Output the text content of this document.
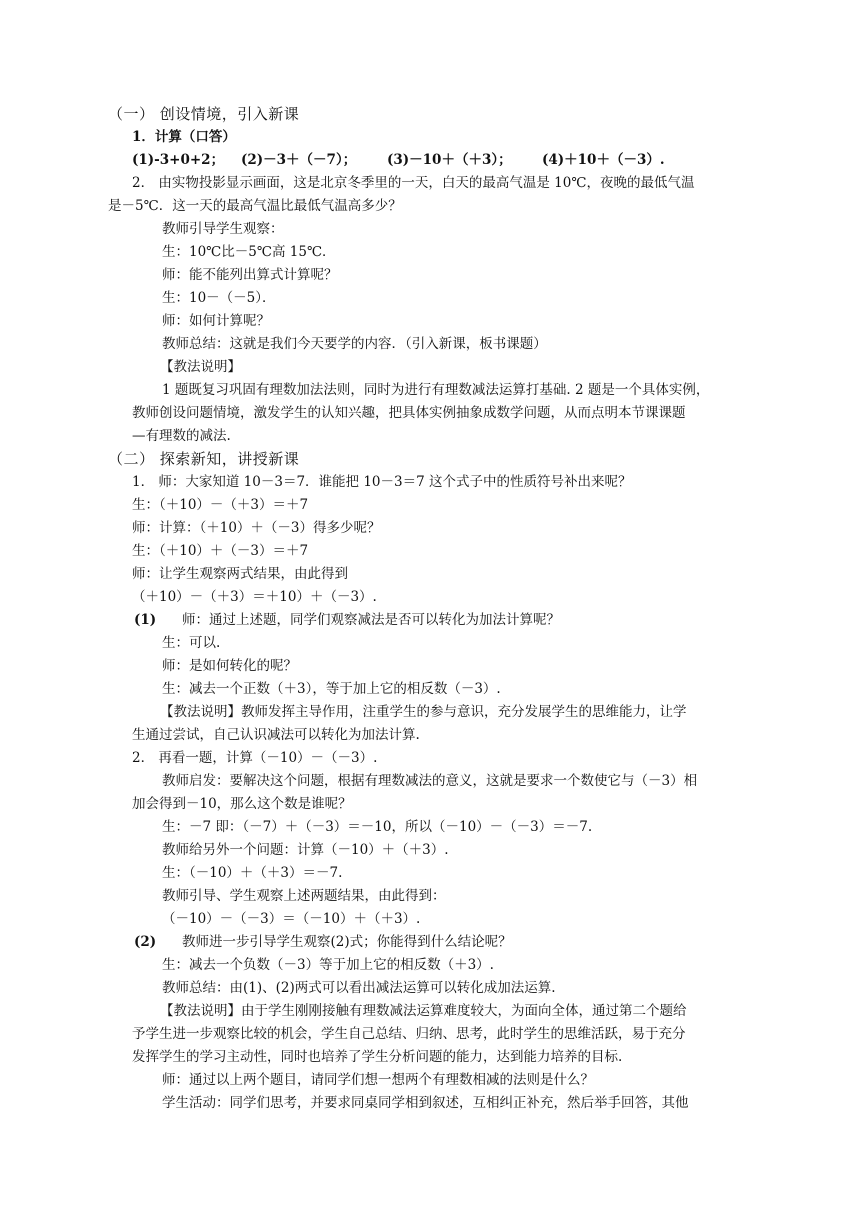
（一） 创设情境，引入新课
1．计算（口答）
(1)-3+0+2； (2)－3＋（－7）； (3)－10＋（＋3）； (4)＋10＋（－3）.
2． 由实物投影显示画面，这是北京冬季里的一天，白天的最高气温是 10℃，夜晚的最低气温
是－5℃．这一天的最高气温比最低气温高多少？
教师引导学生观察：
生：10℃比－5℃高 15℃．
师：能不能列出算式计算呢？
生：10－（－5）．
师：如何计算呢？
教师总结：这就是我们今天要学的内容．（引入新课，板书课题）
【教法说明】
1 题既复习巩固有理数加法法则，同时为进行有理数减法运算打基础. 2 题是一个具体实例，
教师创设问题情境，激发学生的认知兴趣，把具体实例抽象成数学问题，从而点明本节课课题
—有理数的减法.
（二） 探索新知，讲授新课
1． 师：大家知道 10－3＝7．谁能把 10－3＝7 这个式子中的性质符号补出来呢？
生：（＋10）－（＋3）＝＋7
师：计算：（＋10）＋（－3）得多少呢？
生：（＋10）＋（－3）＝＋7
师：让学生观察两式结果，由此得到
（＋10）－（＋3）＝＋10）＋（－3）.
(1) 师：通过上述题，同学们观察减法是否可以转化为加法计算呢？
生：可以.
师：是如何转化的呢？
生：减去一个正数（＋3），等于加上它的相反数（－3）.
【教法说明】教师发挥主导作用，注重学生的参与意识，充分发展学生的思维能力，让学
生通过尝试，自己认识减法可以转化为加法计算.
2． 再看一题，计算（－10）－（－3）.
教师启发：要解决这个问题，根据有理数减法的意义，这就是要求一个数使它与（－3）相
加会得到－10，那么这个数是谁呢？
生：－7 即：（－7）＋（－3）＝－10，所以（－10）－（－3）＝－7.
教师给另外一个问题：计算（－10）＋（＋3）.
生：（－10）＋（＋3）＝－7.
教师引导、学生观察上述两题结果，由此得到：
（－10）－（－3）＝（－10）＋（＋3）.
(2) 教师进一步引导学生观察(2)式；你能得到什么结论呢？
生：减去一个负数（－3）等于加上它的相反数（＋3）.
教师总结：由(1)、(2)两式可以看出减法运算可以转化成加法运算.
【教法说明】由于学生刚刚接触有理数减法运算难度较大，为面向全体，通过第二个题给
予学生进一步观察比较的机会，学生自己总结、归纳、思考，此时学生的思维活跃，易于充分
发挥学生的学习主动性，同时也培养了学生分析问题的能力，达到能力培养的目标.
师：通过以上两个题目，请同学们想一想两个有理数相减的法则是什么？
学生活动：同学们思考，并要求同桌同学相到叙述，互相纠正补充，然后举手回答，其他
